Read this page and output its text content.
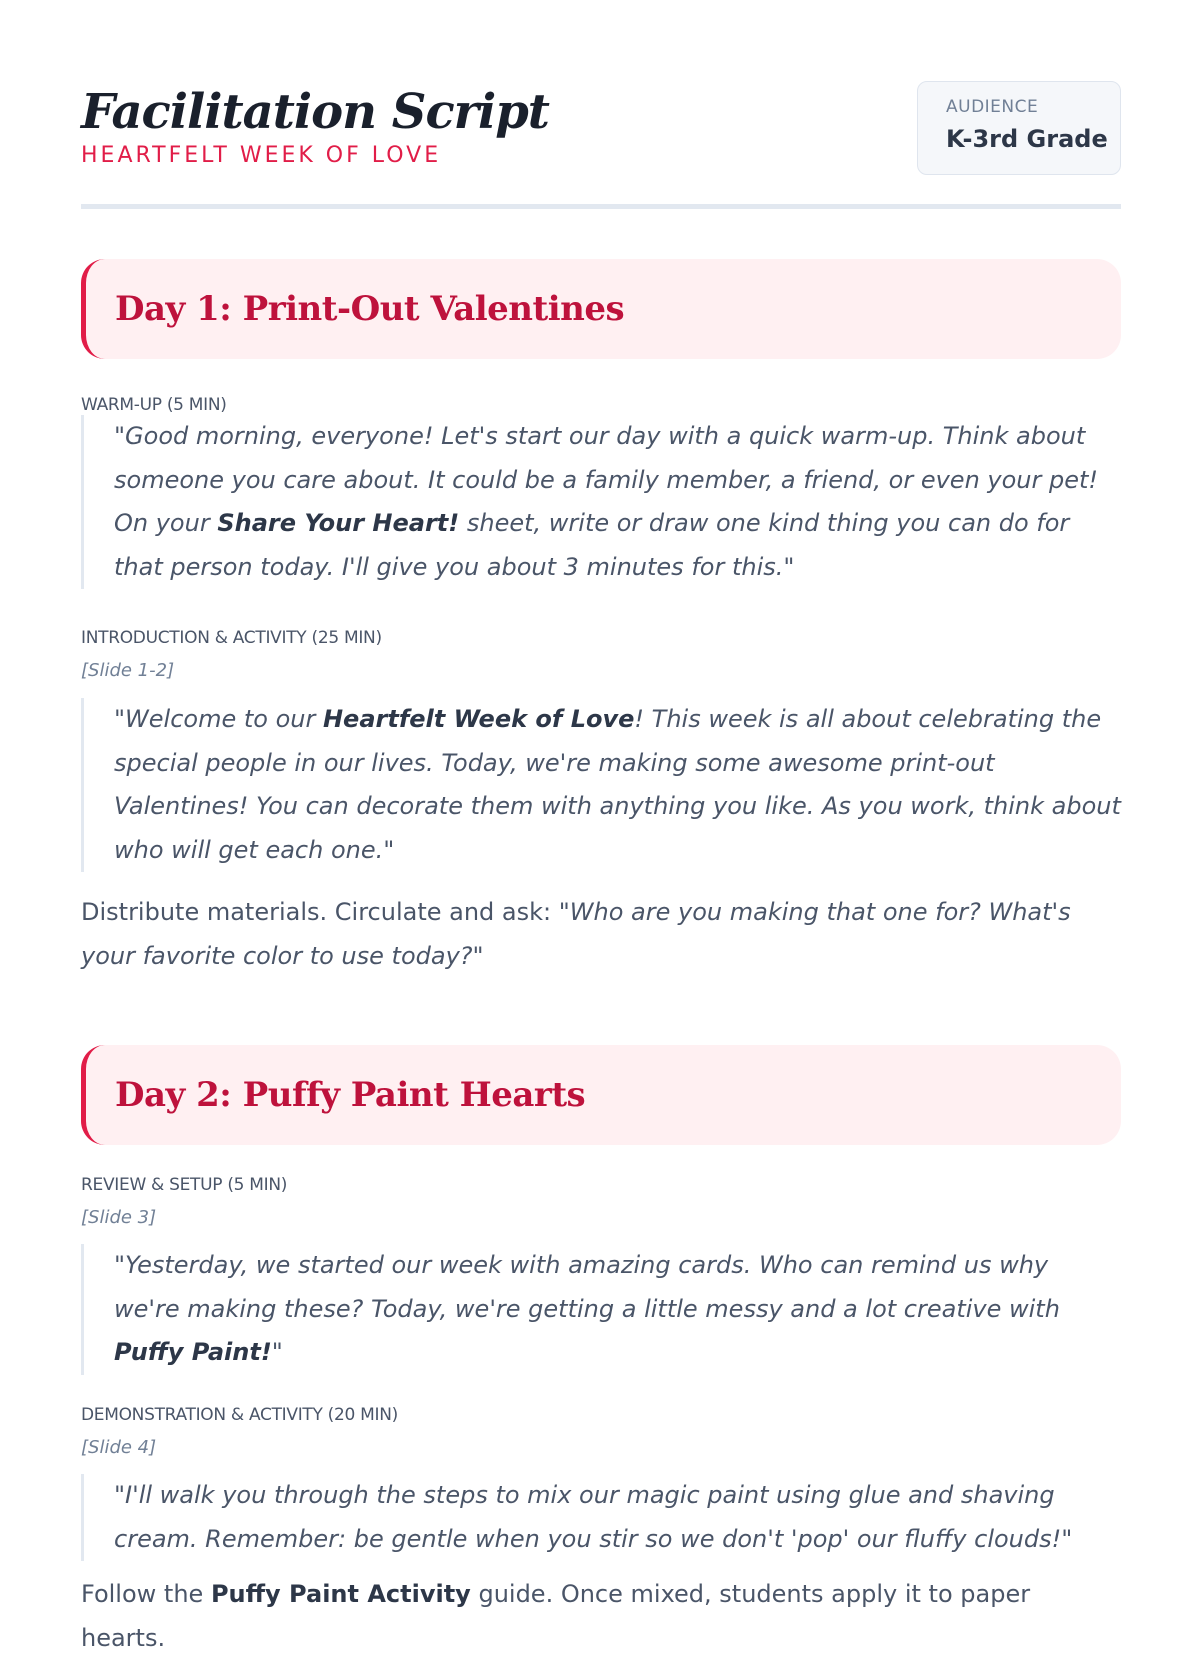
Facilitation Script
HEARTFELT WEEK OF LOVE
AUDIENCE
K-3rd Grade
Day 1: Print-Out Valentines
WARM-UP (5 MIN)

"Good morning, everyone! Let's start our day with a quick warm-up. Think about someone you care about. It could be a family member, a friend, or even your pet! On your Share Your Heart! sheet, write or draw one kind thing you can do for that person today. I'll give you about 3 minutes for this."

INTRODUCTION & ACTIVITY (25 MIN)
[Slide 1-2]

"Welcome to our Heartfelt Week of Love! This week is all about celebrating the special people in our lives. Today, we're making some awesome print-out Valentines! You can decorate them with anything you like. As you work, think about who will get each one."

Distribute materials. Circulate and ask: "Who are you making that one for? What's your favorite color to use today?"

Day 2: Puffy Paint Hearts
REVIEW & SETUP (5 MIN)
[Slide 3]

"Yesterday, we started our week with amazing cards. Who can remind us why we're making these? Today, we're getting a little messy and a lot creative with Puffy Paint!"

DEMONSTRATION & ACTIVITY (20 MIN)
[Slide 4]

"I'll walk you through the steps to mix our magic paint using glue and shaving cream. Remember: be gentle when you stir so we don't 'pop' our fluffy clouds!"

Follow the Puffy Paint Activity guide. Once mixed, students apply it to paper hearts.
